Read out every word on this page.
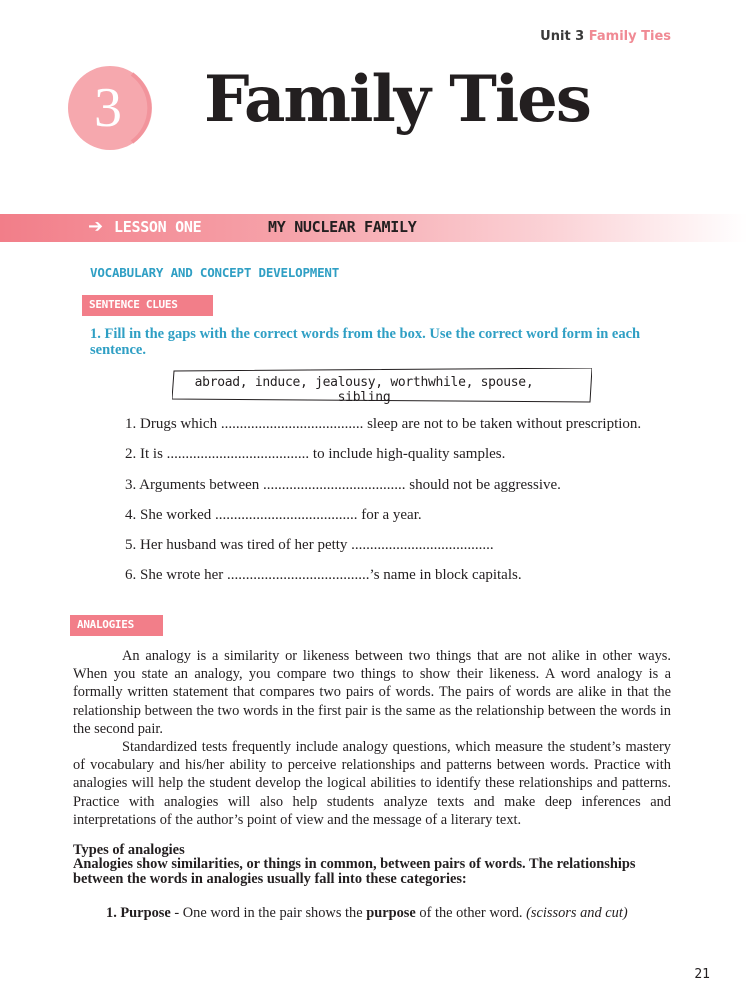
Unit 3 Family Ties
3 Family Ties
➔ LESSON ONE	MY NUCLEAR FAMILY
VOCABULARY AND CONCEPT DEVELOPMENT
SENTENCE CLUES
1. Fill in the gaps with the correct words from the box. Use the correct word form in each sentence.
abroad, induce, jealousy, worthwhile, spouse, sibling
1. Drugs which ...................................... sleep are not to be taken without prescription.
2. It is ...................................... to include high-quality samples.
3. Arguments between ...................................... should not be aggressive.
4. She worked ...................................... for a year.
5. Her husband was tired of her petty ......................................
6. She wrote her ......................................’s name in block capitals.
ANALOGIES

An analogy is a similarity or likeness between two things that are not alike in other ways. When you state an analogy, you compare two things to show their likeness. A word analogy is a formally written statement that compares two pairs of words. The pairs of words are alike in that the relationship between the two words in the first pair is the same as the relationship between the words in the second pair.

Standardized tests frequently include analogy questions, which measure the student’s mastery of vocabulary and his/her ability to perceive relationships and patterns between words. Practice with analogies will help the student develop the logical abilities to identify these relationships and patterns. Practice with analogies will also help students analyze texts and make deep inferences and interpretations of the author’s point of view and the message of a literary text.

Types of analogies

Analogies show similarities, or things in common, between pairs of words. The relationships between the words in analogies usually fall into these categories:

1. Purpose - One word in the pair shows the purpose of the other word. (scissors and cut)
21
